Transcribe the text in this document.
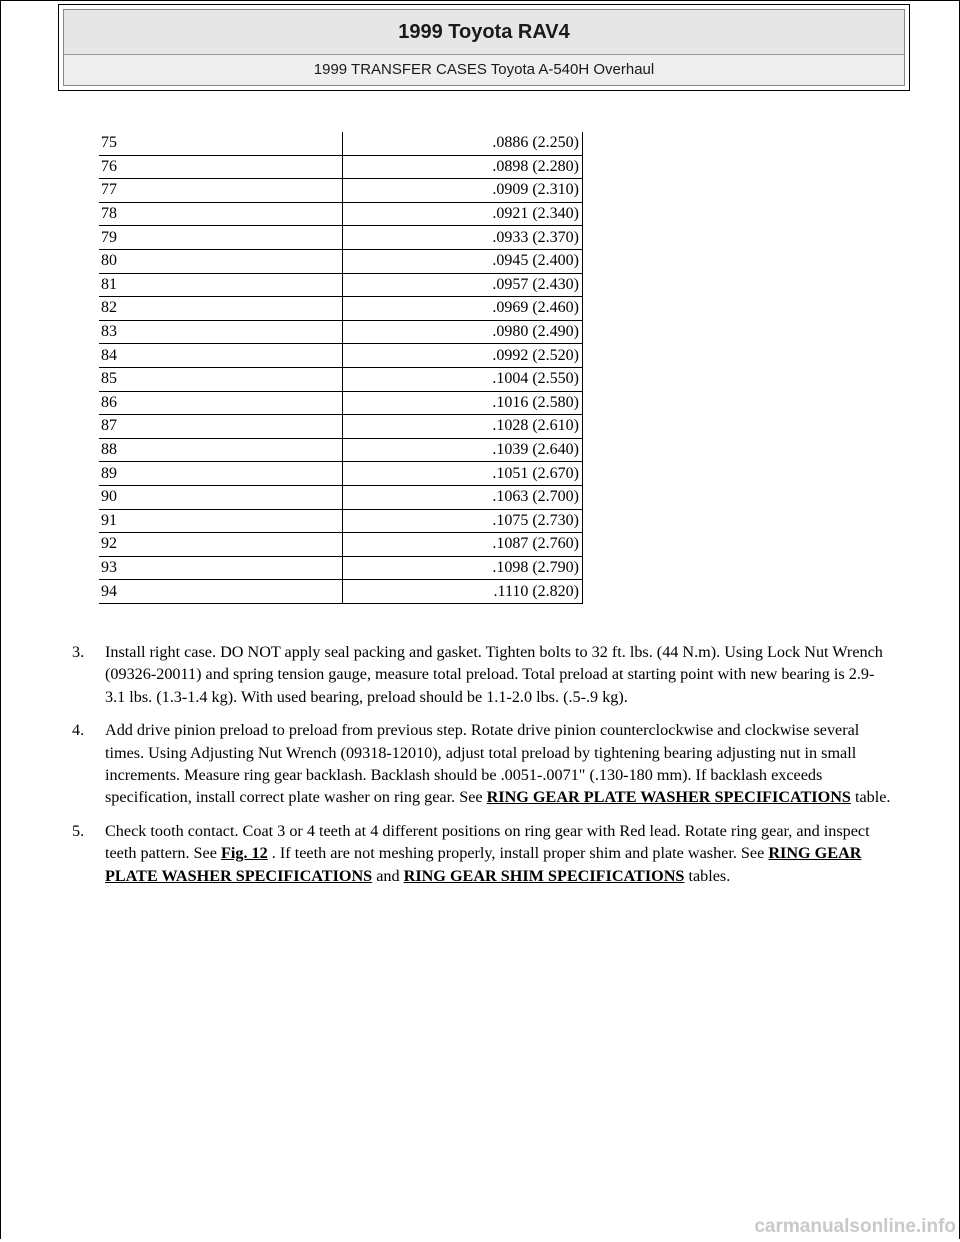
1999 Toyota RAV4
1999 TRANSFER CASES Toyota A-540H Overhaul
75	.0886 (2.250)
76	.0898 (2.280)
77	.0909 (2.310)
78	.0921 (2.340)
79	.0933 (2.370)
80	.0945 (2.400)
81	.0957 (2.430)
82	.0969 (2.460)
83	.0980 (2.490)
84	.0992 (2.520)
85	.1004 (2.550)
86	.1016 (2.580)
87	.1028 (2.610)
88	.1039 (2.640)
89	.1051 (2.670)
90	.1063 (2.700)
91	.1075 (2.730)
92	.1087 (2.760)
93	.1098 (2.790)
94	.1110 (2.820)
3.	Install right case. DO NOT apply seal packing and gasket. Tighten bolts to 32 ft. lbs. (44 N.m). Using Lock Nut Wrench (09326-20011) and spring tension gauge, measure total preload. Total preload at starting point with new bearing is 2.9-3.1 lbs. (1.3-1.4 kg). With used bearing, preload should be 1.1-2.0 lbs. (.5-.9 kg).
4.	Add drive pinion preload to preload from previous step. Rotate drive pinion counterclockwise and clockwise several times. Using Adjusting Nut Wrench (09318-12010), adjust total preload by tightening bearing adjusting nut in small increments. Measure ring gear backlash. Backlash should be .0051-.0071" (.130-180 mm). If backlash exceeds specification, install correct plate washer on ring gear. See RING GEAR PLATE WASHER SPECIFICATIONS table.
5.	Check tooth contact. Coat 3 or 4 teeth at 4 different positions on ring gear with Red lead. Rotate ring gear, and inspect teeth pattern. See Fig. 12 . If teeth are not meshing properly, install proper shim and plate washer. See RING GEAR PLATE WASHER SPECIFICATIONS and RING GEAR SHIM SPECIFICATIONS tables.
carmanualsonline.info
